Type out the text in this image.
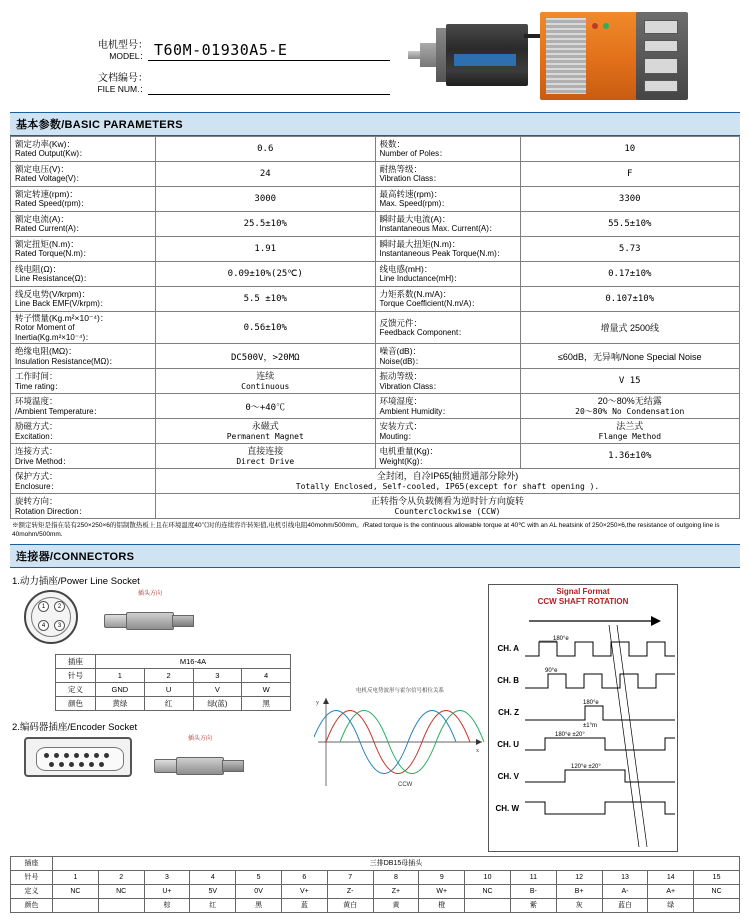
电机型号：
MODEL： T60M-01930A5-E
文档编号：
FILE NUM.：

基本参数/BASIC PARAMETERS
额定功率(Kw)：
Rated Output(Kw)：	0.6	极数：
Number of Poles：	10

额定电压(V)：
Rated Voltage(V)：	24	耐热等级：
Vibration Class：	F

额定转速(rpm)：
Rated Speed(rpm)：	3000	最高转速(rpm)：
Max. Speed(rpm)：	3300

额定电流(A)：
Rated Current(A)：	25.5±10%	瞬时最大电流(A)：
Instantaneous Max. Current(A)：	55.5±10%

额定扭矩(N.m)：
Rated Torque(N.m)：	1.91	瞬时最大扭矩(N.m)：
Instantaneous Peak Torque(N.m)：	5.73

线电阻(Ω)：
Line Resistance(Ω)：	0.09±10%(25℃)	线电感(mH)：
Line Inductance(mH)：	0.17±10%

线反电势(V/krpm)：
Line Back EMF(V/krpm)：	5.5 ±10%	力矩系数(N.m/A)：
Torque Coefficient(N.m/A)：	0.107±10%

转子惯量(Kg.m²×10⁻⁴)：
Rotor Moment of Inertia(Kg.m²×10⁻⁴)：	0.56±10%	反馈元件：
Feedback Component：	增量式 2500线

绝缘电阻(MΩ)：
Insulation Resistance(MΩ)：	DC500V，>20MΩ	噪音(dB)：
Noise(dB)：	≤60dB，无异响/None Special Noise

工作时间：
Time rating：	连续
Continuous	振动等级：
Vibration Class：	V 15

环境温度：
/Ambient Temperature：	0～+40℃	环境湿度：
Ambient Humidity：	20～80%无结露
20～80% No Condensation

励磁方式：
Excitation：	永磁式
Permanent Magnet	安装方式：
Mouting：	法兰式
Flange Method

连接方式：
Drive Method：	直接连接
Direct Drive	电机重量(Kg)：
Weight(Kg)：	1.36±10%

保护方式：
Enclosure：	全封闭，自冷IP65(轴贯通部分除外)
Totally Enclosed, Self-cooled, IP65(except for shaft opening ).		

旋转方向：
Rotation Direction：	正转指令从负载侧看为逆时针方向旋转
Counterclockwise (CCW)		
※额定转矩是指在装有250×250×6的铝制散热板上且在环境温度40℃时的连续容许转矩值,电机引线电阻40mohm/500mm。/Rated torque is the continuous allowable torque at 40℃ with an AL heatsink of 250×250×6,the resistance of outgoing line is 40mohm/500mm.
连接器/CONNECTORS
1.动力插座/Power Line Socket
1	2
4	3
插头方向
插座	M16-4A			
针号	1	2	3	4
定义	GND	U	V	W
颜色	黄绿	红	绿(蓝)	黑
2.编码器插座/Encoder Socket
插头方向
电机反电势波形与霍尔信号相位关系
x
y
CCW
Signal Format
CCW SHAFT ROTATION
CH. A
180°e
CH. B
90°e
CH. Z
180°e
±1°m
CH. U
180°e ±20°
CH. V
120°e ±20°
CH. W
插座	三排DB15母插头														
针号	1	2	3	4	5	6	7	8	9	10	11	12	13	14	15
定义	NC	NC	U+	5V	0V	V+	Z-	Z+	W+	NC	B-	B+	A-	A+	NC
颜色			棕	红	黑	蓝	黄白	黄	橙		紫	灰	蓝白	绿	
